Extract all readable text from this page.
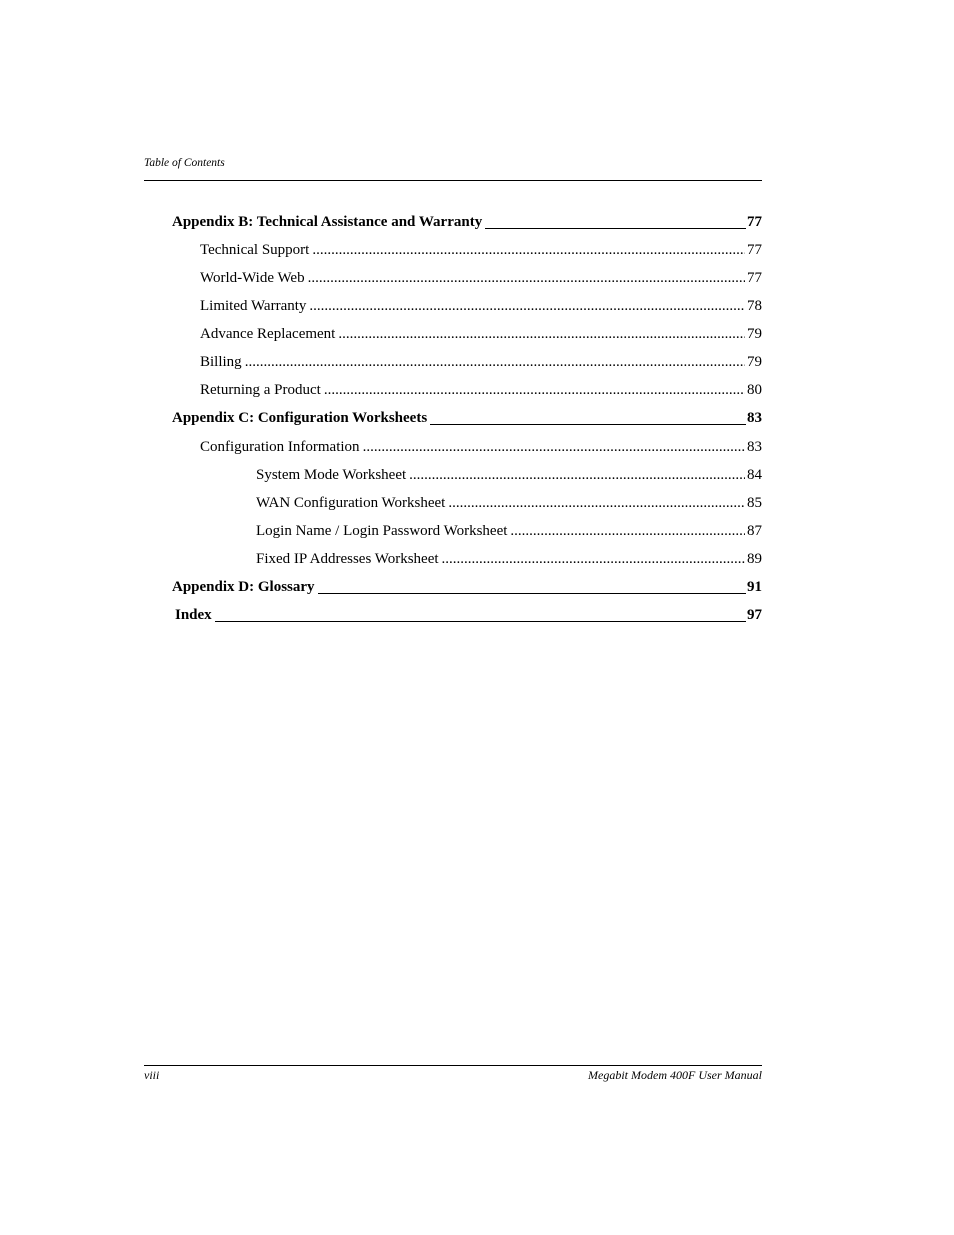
Table of Contents
Appendix B: Technical Assistance and Warranty	77
Technical Support .....	77
World-Wide Web .....	77
Limited Warranty .....	78
Advance Replacement .....	79
Billing .....	79
Returning a Product .....	80
Appendix C: Configuration Worksheets	83
Configuration Information .....	83
System Mode Worksheet .....	84
WAN Configuration Worksheet .....	85
Login Name / Login Password Worksheet .....	87
Fixed IP Addresses Worksheet .....	89
Appendix D: Glossary	91
Index	97
viii	Megabit Modem 400F User Manual
